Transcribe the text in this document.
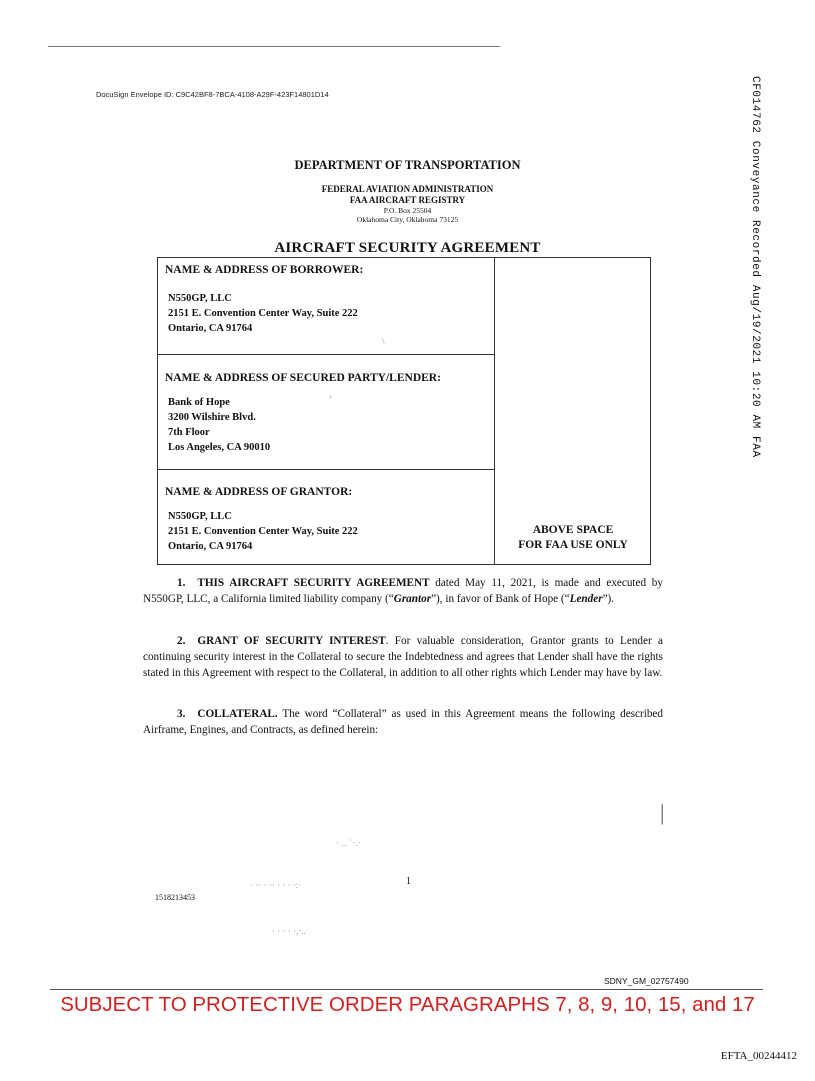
DocuSign Envelope ID: C9C42BF8-7BCA-4108-A29F-423F14801D14	CF014762 Conveyance Recorded Aug/19/2021 10:20 AM FAA
DEPARTMENT OF TRANSPORTATION
FEDERAL AVIATION ADMINISTRATION
FAA AIRCRAFT REGISTRY
P.O. Box 25504
Oklahoma City, Oklahoma 73125
AIRCRAFT SECURITY AGREEMENT
NAME & ADDRESS OF BORROWER:
N550GP, LLC
2151 E. Convention Center Way, Suite 222
Ontario, CA 91764
\
NAME & ADDRESS OF SECURED PARTY/LENDER:
Bank of Hope
3200 Wilshire Blvd.
7th Floor
Los Angeles, CA 90010
›
NAME & ADDRESS OF GRANTOR:
N550GP, LLC
2151 E. Convention Center Way, Suite 222
Ontario, CA 91764
ABOVE SPACE
FOR FAA USE ONLY
1. THIS AIRCRAFT SECURITY AGREEMENT dated May 11, 2021, is made and executed by N550GP, LLC, a California limited liability company (“Grantor”), in favor of Bank of Hope (“Lender”).
2. GRANT OF SECURITY INTEREST. For valuable consideration, Grantor grants to Lender a continuing security interest in the Collateral to secure the Indebtedness and agrees that Lender shall have the rights stated in this Agreement with respect to the Collateral, in addition to all other rights which Lender may have by law.
3. COLLATERAL. The word “Collateral” as used in this Agreement means the following described Airframe, Engines, and Contracts, as defined herein:
|
· ‥ ˙·.·
· ·· · ·· · · · ·:·
· · · · ·,·..
1
1518213453
SDNY_GM_02757490
SUBJECT TO PROTECTIVE ORDER PARAGRAPHS 7, 8, 9, 10, 15, and 17
EFTA_00244412
